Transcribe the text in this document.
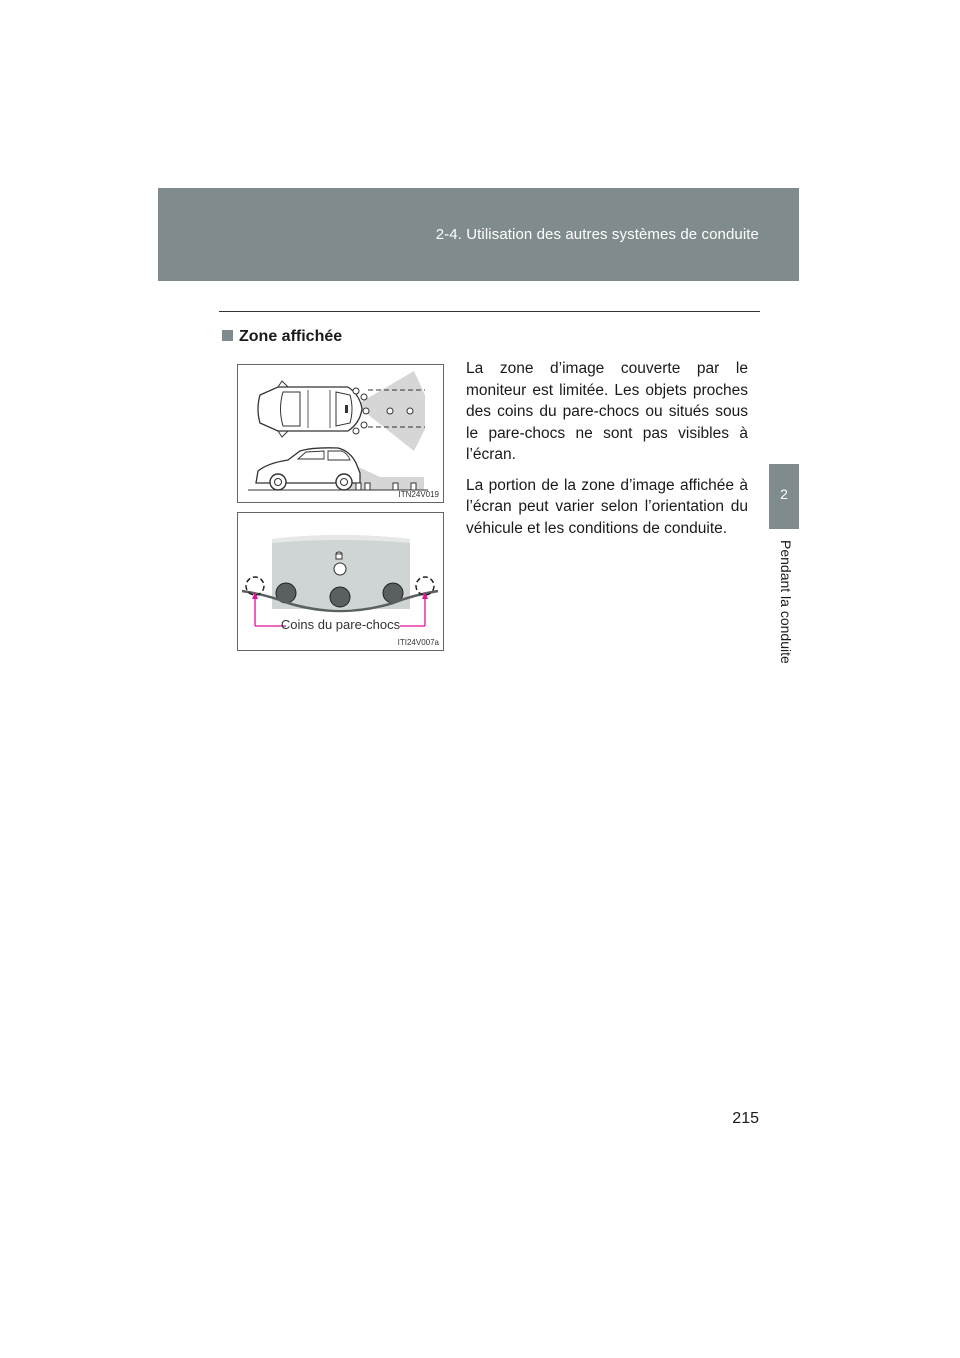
2-4. Utilisation des autres systèmes de conduite
2
Pendant la conduite
Zone affichée
ITN24V019
Coins du pare-chocs
ITI24V007a

La zone d’image couverte par le moniteur est limitée. Les objets proches des coins du pare-chocs ou situés sous le pare-chocs ne sont pas visibles à l’écran.

La portion de la zone d’image affichée à l’écran peut varier selon l’orientation du véhicule et les conditions de conduite.

215
